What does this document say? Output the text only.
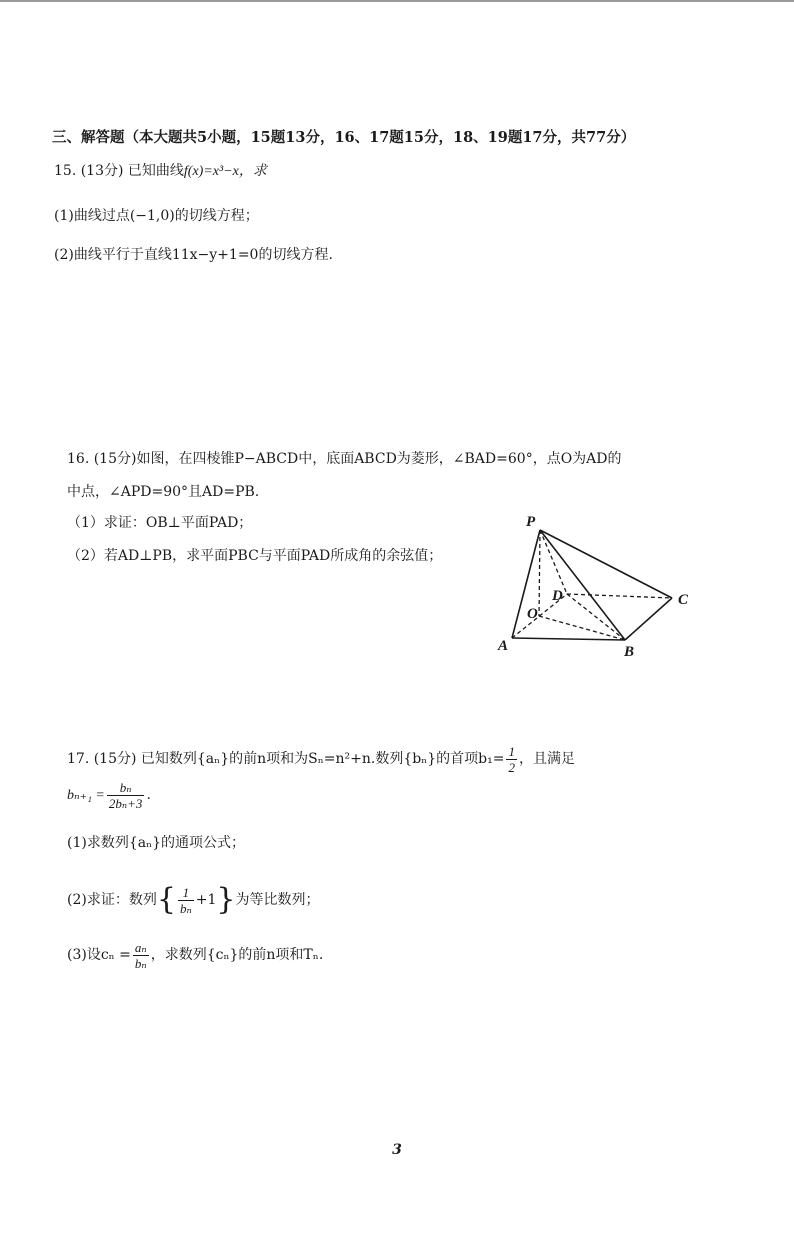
三、解答题（本大题共5小题，15题13分，16、17题15分，18、19题17分，共77分）
15. (13分) 已知曲线f(x)=x³−x，求
(1)曲线过点(−1,0)的切线方程；
(2)曲线平行于直线11x−y+1=0的切线方程.
16. (15分)如图，在四棱锥P−ABCD中，底面ABCD为菱形，∠BAD=60°，点O为AD的
中点，∠APD=90°且AD=PB.
（1）求证：OB⊥平面PAD；
（2）若AD⊥PB，求平面PBC与平面PAD所成角的余弦值；
P
A	B
C
D
O
17. (15分) 已知数列{aₙ}的前n项和为Sₙ=n²+n.数列{bₙ}的首项$b_1= \frac{1}{2}$ ，且满足
$b_{n+1} = \frac{\text{bₙ}}{\text{2bₙ+3}}$ .
(1)求数列{aₙ}的通项公式；
(2)求证：数列{ $\frac{1}{\text{bₙ}} +1$}为等比数列；
(3)设$c_n = \frac{\text{aₙ}}{\text{bₙ}}$ ，求数列{cₙ}的前n项和Tₙ.
3
